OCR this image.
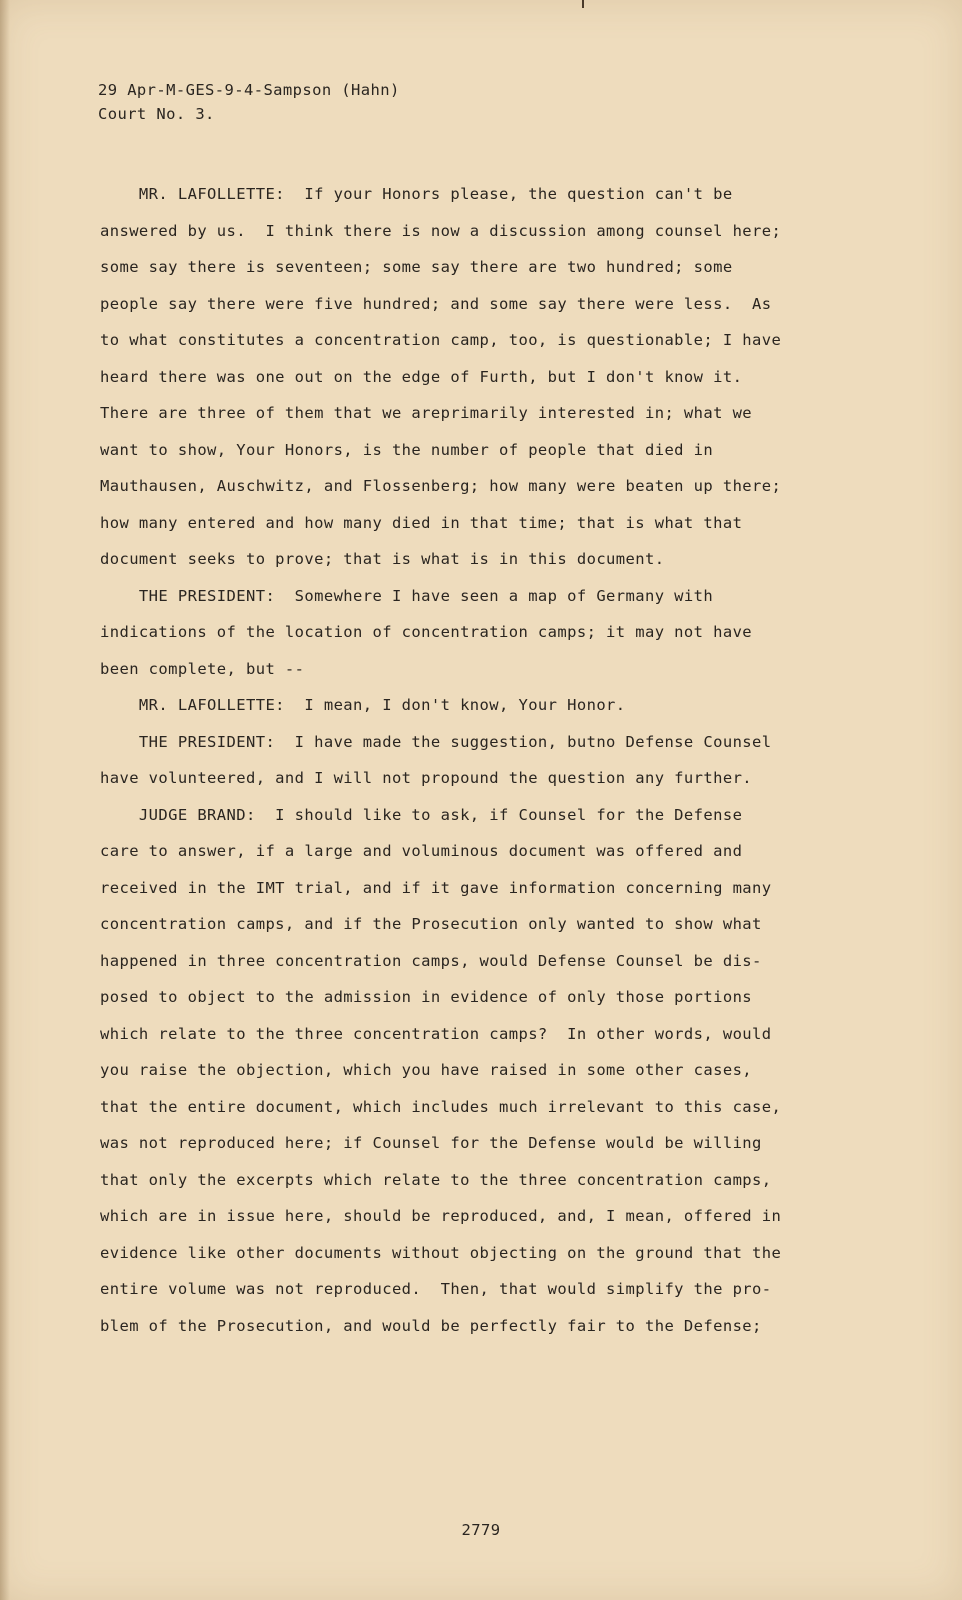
29 Apr-M-GES-9-4-Sampson (Hahn)
Court No. 3.
MR. LAFOLLETTE:  If your Honors please, the question can't be
answered by us.  I think there is now a discussion among counsel here;
some say there is seventeen; some say there are two hundred; some
people say there were five hundred; and some say there were less.  As
to what constitutes a concentration camp, too, is questionable; I have
heard there was one out on the edge of Furth, but I don't know it.
There are three of them that we areprimarily interested in; what we
want to show, Your Honors, is the number of people that died in
Mauthausen, Auschwitz, and Flossenberg; how many were beaten up there;
how many entered and how many died in that time; that is what that
document seeks to prove; that is what is in this document.
THE PRESIDENT:  Somewhere I have seen a map of Germany with
indications of the location of concentration camps; it may not have
been complete, but --
MR. LAFOLLETTE:  I mean, I don't know, Your Honor.
THE PRESIDENT:  I have made the suggestion, butno Defense Counsel
have volunteered, and I will not propound the question any further.
JUDGE BRAND:  I should like to ask, if Counsel for the Defense
care to answer, if a large and voluminous document was offered and
received in the IMT trial, and if it gave information concerning many
concentration camps, and if the Prosecution only wanted to show what
happened in three concentration camps, would Defense Counsel be dis-
posed to object to the admission in evidence of only those portions
which relate to the three concentration camps?  In other words, would
you raise the objection, which you have raised in some other cases,
that the entire document, which includes much irrelevant to this case,
was not reproduced here; if Counsel for the Defense would be willing
that only the excerpts which relate to the three concentration camps,
which are in issue here, should be reproduced, and, I mean, offered in
evidence like other documents without objecting on the ground that the
entire volume was not reproduced.  Then, that would simplify the pro-
blem of the Prosecution, and would be perfectly fair to the Defense;
2779
